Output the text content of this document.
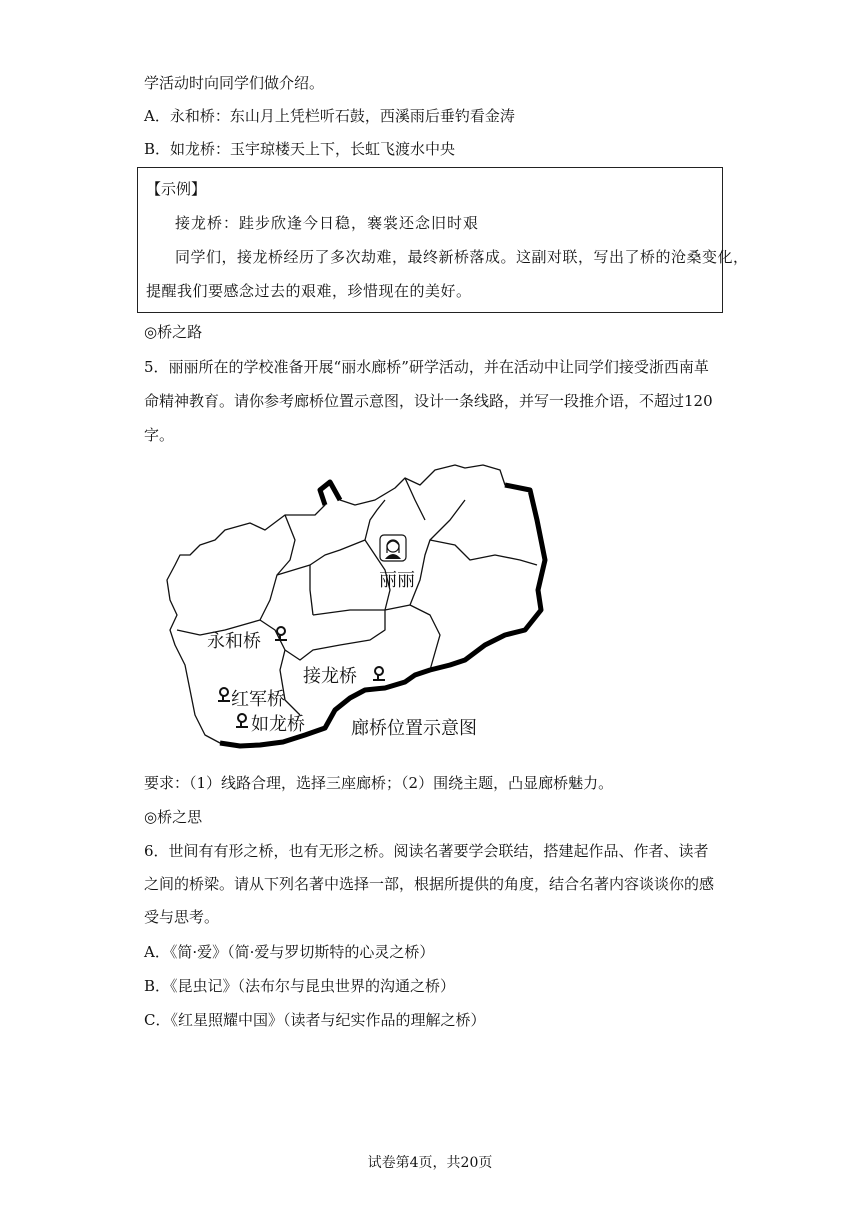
学活动时向同学们做介绍。
A．永和桥：东山月上凭栏听石鼓，西溪雨后垂钓看金涛
B．如龙桥：玉宇琼楼天上下，长虹飞渡水中央
【示例】
接龙桥：跬步欣逢今日稳，褰裳还念旧时艰
同学们，接龙桥经历了多次劫难，最终新桥落成。这副对联，写出了桥的沧桑变化，
提醒我们要感念过去的艰难，珍惜现在的美好。
◎桥之路
5．丽丽所在的学校准备开展“丽水廊桥”研学活动，并在活动中让同学们接受浙西南革
命精神教育。请你参考廊桥位置示意图，设计一条线路，并写一段推介语，不超过120
字。
丽丽
永和桥
接龙桥
红军桥
如龙桥	廊桥位置示意图
要求：（1）线路合理，选择三座廊桥；（2）围绕主题，凸显廊桥魅力。
◎桥之思
6．世间有有形之桥，也有无形之桥。阅读名著要学会联结，搭建起作品、作者、读者
之间的桥梁。请从下列名著中选择一部，根据所提供的角度，结合名著内容谈谈你的感
受与思考。
A．《简·爱》（简·爱与罗切斯特的心灵之桥）
B．《昆虫记》（法布尔与昆虫世界的沟通之桥）
C．《红星照耀中国》（读者与纪实作品的理解之桥）
试卷第4页，共20页
